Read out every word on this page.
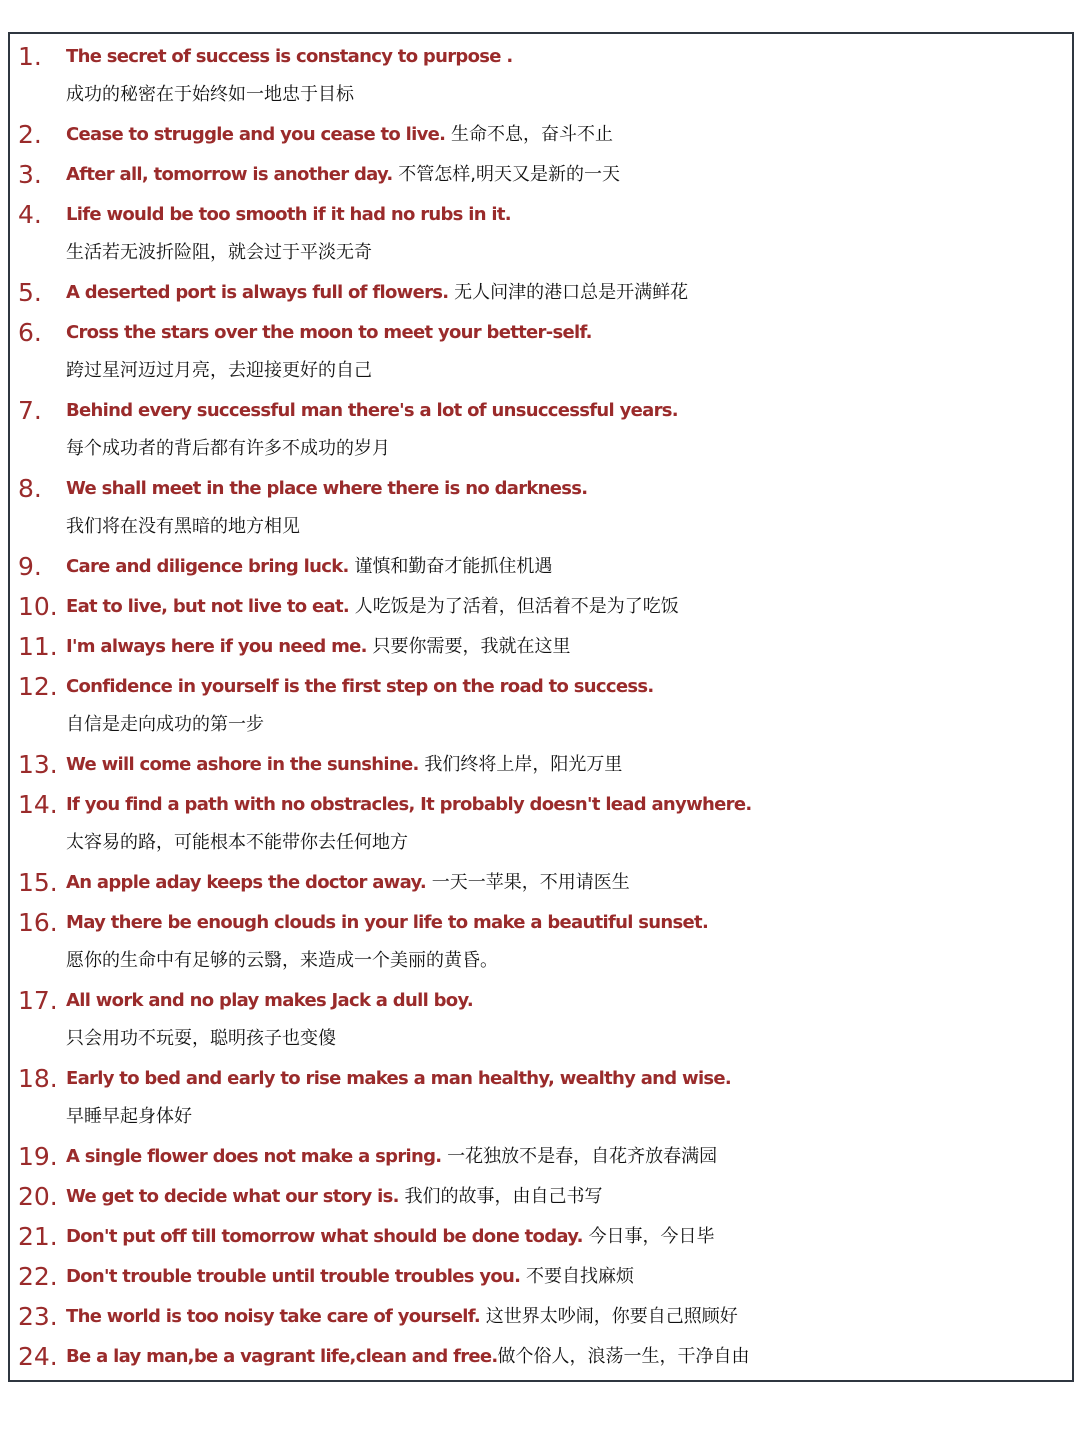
1.	The secret of success is constancy to purpose .
成功的秘密在于始终如一地忠于目标
2.	Cease to struggle and you cease to live. 生命不息，奋斗不止
3.	After all, tomorrow is another day. 不管怎样,明天又是新的一天
4.	Life would be too smooth if it had no rubs in it.
生活若无波折险阻，就会过于平淡无奇
5.	A deserted port is always full of flowers. 无人问津的港口总是开满鲜花
6.	Cross the stars over the moon to meet your better-self.
跨过星河迈过月亮，去迎接更好的自己
7.	Behind every successful man there's a lot of unsuccessful years.
每个成功者的背后都有许多不成功的岁月
8.	We shall meet in the place where there is no darkness.
我们将在没有黑暗的地方相见
9.	Care and diligence bring luck. 谨慎和勤奋才能抓住机遇
10. Eat to live, but not live to eat. 人吃饭是为了活着，但活着不是为了吃饭
11. I'm always here if you need me. 只要你需要，我就在这里
12. Confidence in yourself is the first step on the road to success.
自信是走向成功的第一步
13. We will come ashore in the sunshine. 我们终将上岸，阳光万里
14. If you find a path with no obstracles, It probably doesn't lead anywhere.
太容易的路，可能根本不能带你去任何地方
15. An apple aday keeps the doctor away. 一天一苹果，不用请医生
16. May there be enough clouds in your life to make a beautiful sunset.
愿你的生命中有足够的云翳，来造成一个美丽的黄昏。
17. All work and no play makes Jack a dull boy.
只会用功不玩耍，聪明孩子也变傻
18. Early to bed and early to rise makes a man healthy, wealthy and wise.
早睡早起身体好
19. A single flower does not make a spring. 一花独放不是春，自花齐放春满园
20. We get to decide what our story is. 我们的故事，由自己书写
21. Don't put off till tomorrow what should be done today. 今日事，今日毕
22. Don't trouble trouble until trouble troubles you. 不要自找麻烦
23. The world is too noisy take care of yourself. 这世界太吵闹，你要自己照顾好
24. Be a lay man,be a vagrant life,clean and free.做个俗人，浪荡一生，干净自由
